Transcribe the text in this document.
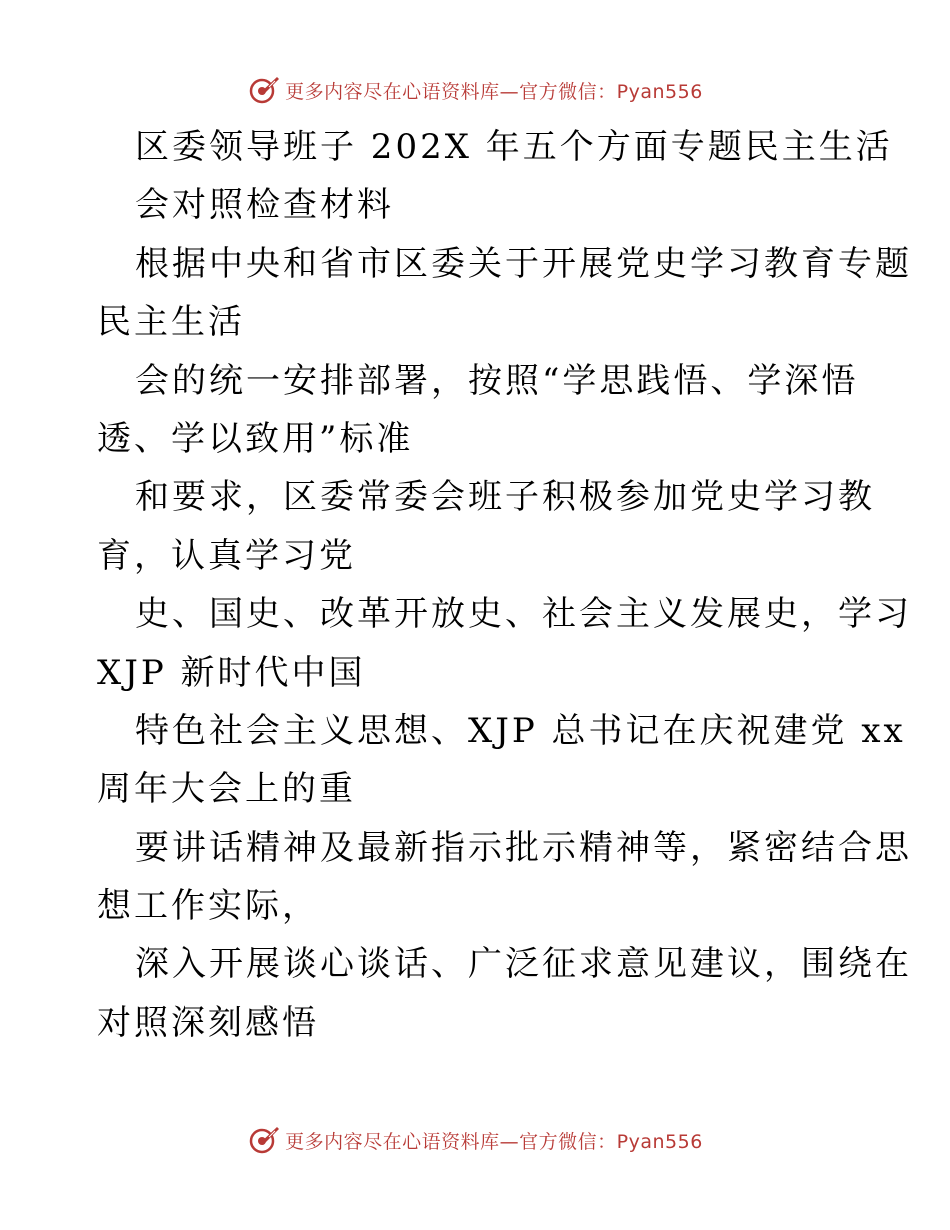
更多内容尽在心语资料库—官方微信：Pyan556
区委领导班子 202X 年五个方面专题民主生活
会对照检查材料
根据中央和省市区委关于开展党史学习教育专题
民主生活
会的统一安排部署，按照“学思践悟、学深悟
透、学以致用”标准
和要求，区委常委会班子积极参加党史学习教
育，认真学习党
史、国史、改革开放史、社会主义发展史，学习
XJP 新时代中国
特色社会主义思想、XJP 总书记在庆祝建党 xx
周年大会上的重
要讲话精神及最新指示批示精神等，紧密结合思
想工作实际，
深入开展谈心谈话、广泛征求意见建议，围绕在
对照深刻感悟
更多内容尽在心语资料库—官方微信：Pyan556
